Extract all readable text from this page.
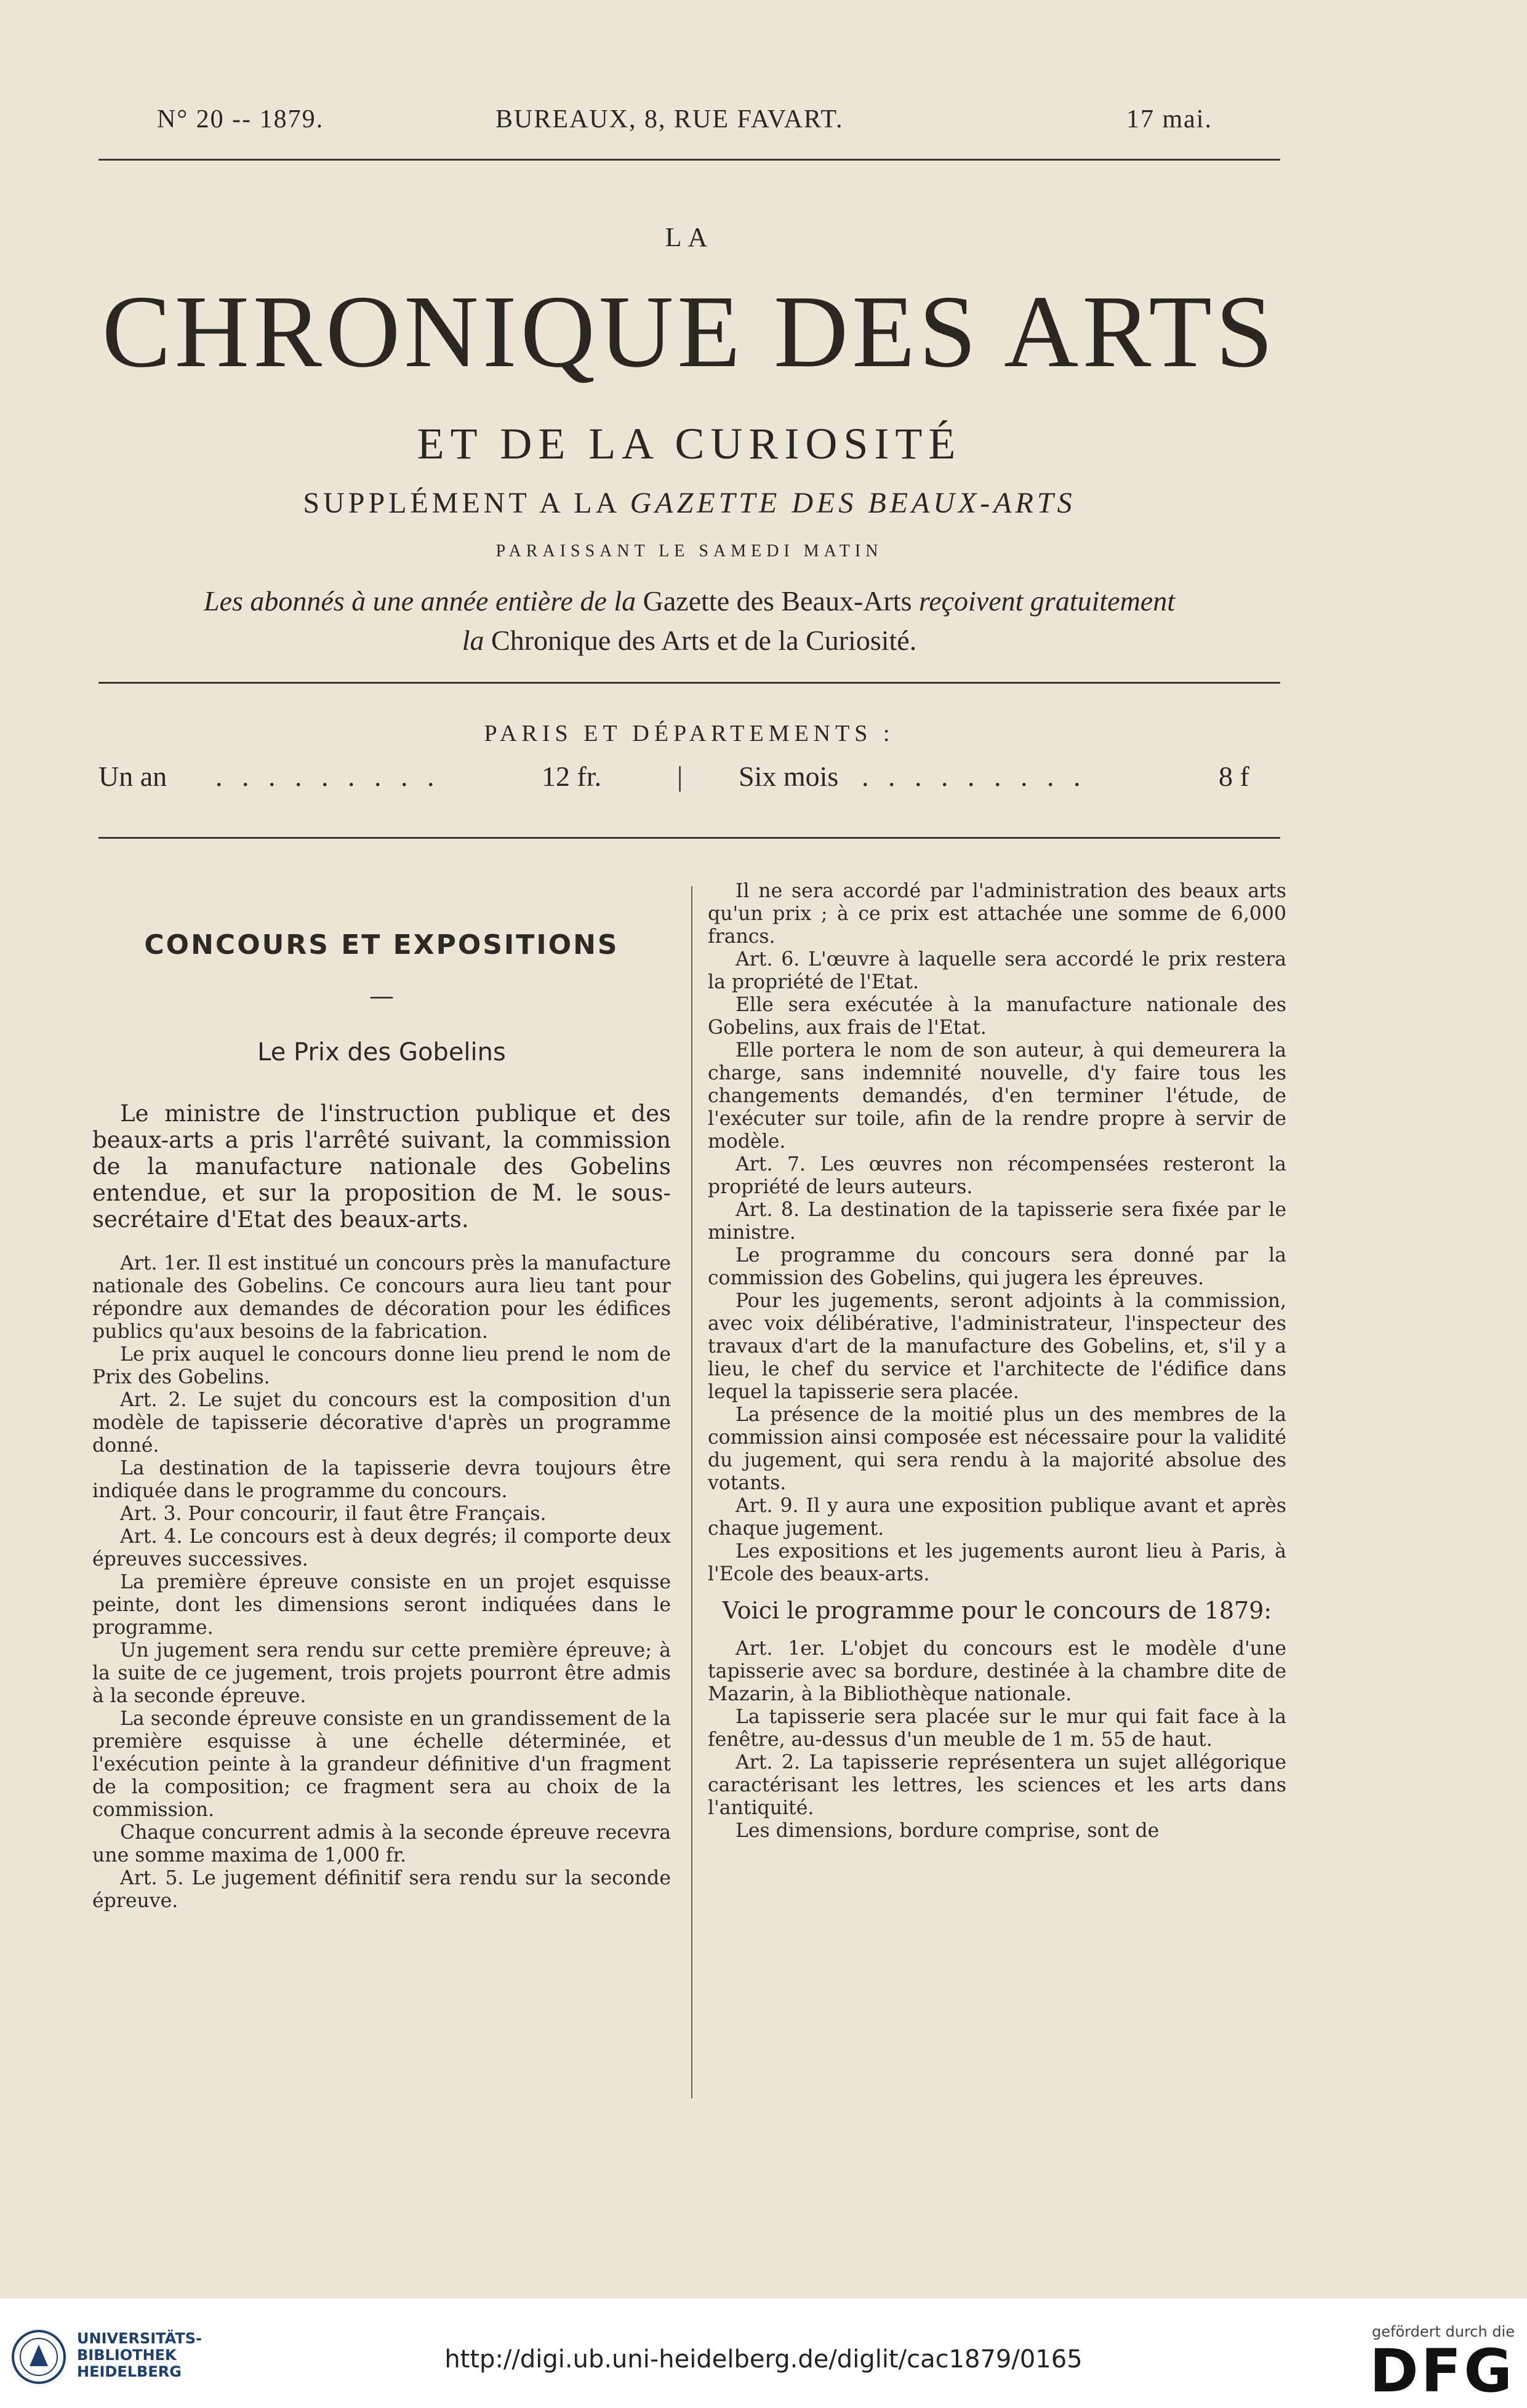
N° 20 -- 1879.	BUREAUX, 8, RUE FAVART.	17 mai.
LA
CHRONIQUE DES ARTS
ET DE LA CURIOSITÉ
SUPPLÉMENT A LA GAZETTE DES BEAUX-ARTS
PARAISSANT LE SAMEDI MATIN
Les abonnés à une année entière de la Gazette des Beaux-Arts reçoivent gratuitement
la Chronique des Arts et de la Curiosité.
PARIS ET DÉPARTEMENTS :
Un an . . . . . . . . .	12 fr.	| Six mois . . . . . . . . .	8 f

CONCOURS ET EXPOSITIONS

—

Le Prix des Gobelins

Le ministre de l'instruction publique et des beaux-arts a pris l'arrêté suivant, la commission de la manufacture nationale des Gobelins entendue, et sur la proposition de M. le sous-secrétaire d'Etat des beaux-arts.

Art. 1er. Il est institué un concours près la manufacture nationale des Gobelins. Ce concours aura lieu tant pour répondre aux demandes de décoration pour les édifices publics qu'aux besoins de la fabrication.

Le prix auquel le concours donne lieu prend le nom de Prix des Gobelins.

Art. 2. Le sujet du concours est la composition d'un modèle de tapisserie décorative d'après un programme donné.

La destination de la tapisserie devra toujours être indiquée dans le programme du concours.

Art. 3. Pour concourir, il faut être Français.

Art. 4. Le concours est à deux degrés; il comporte deux épreuves successives.

La première épreuve consiste en un projet esquisse peinte, dont les dimensions seront indiquées dans le programme.

Un jugement sera rendu sur cette première épreuve; à la suite de ce jugement, trois projets pourront être admis à la seconde épreuve.

La seconde épreuve consiste en un grandissement de la première esquisse à une échelle déterminée, et l'exécution peinte à la grandeur définitive d'un fragment de la composition; ce fragment sera au choix de la commission.

Chaque concurrent admis à la seconde épreuve recevra une somme maxima de 1,000 fr.

Art. 5. Le jugement définitif sera rendu sur la seconde épreuve.

Il ne sera accordé par l'administration des beaux arts qu'un prix ; à ce prix est attachée une somme de 6,000 francs.

Art. 6. L'œuvre à laquelle sera accordé le prix restera la propriété de l'Etat.

Elle sera exécutée à la manufacture nationale des Gobelins, aux frais de l'Etat.

Elle portera le nom de son auteur, à qui demeurera la charge, sans indemnité nouvelle, d'y faire tous les changements demandés, d'en terminer l'étude, de l'exécuter sur toile, afin de la rendre propre à servir de modèle.

Art. 7. Les œuvres non récompensées resteront la propriété de leurs auteurs.

Art. 8. La destination de la tapisserie sera fixée par le ministre.

Le programme du concours sera donné par la commission des Gobelins, qui jugera les épreuves.

Pour les jugements, seront adjoints à la commission, avec voix délibérative, l'administrateur, l'inspecteur des travaux d'art de la manufacture des Gobelins, et, s'il y a lieu, le chef du service et l'architecte de l'édifice dans lequel la tapisserie sera placée.

La présence de la moitié plus un des membres de la commission ainsi composée est nécessaire pour la validité du jugement, qui sera rendu à la majorité absolue des votants.

Art. 9. Il y aura une exposition publique avant et après chaque jugement.

Les expositions et les jugements auront lieu à Paris, à l'Ecole des beaux-arts.

Voici le programme pour le concours de 1879:

Art. 1er. L'objet du concours est le modèle d'une tapisserie avec sa bordure, destinée à la chambre dite de Mazarin, à la Bibliothèque nationale.

La tapisserie sera placée sur le mur qui fait face à la fenêtre, au-dessus d'un meuble de 1 m. 55 de haut.

Art. 2. La tapisserie représentera un sujet allégorique caractérisant les lettres, les sciences et les arts dans l'antiquité.

Les dimensions, bordure comprise, sont de

UNIVERSITÄTS-
BIBLIOTHEK
HEIDELBERG	http://digi.ub.uni-heidelberg.de/diglit/cac1879/0165
gefördert durch die
DFG
